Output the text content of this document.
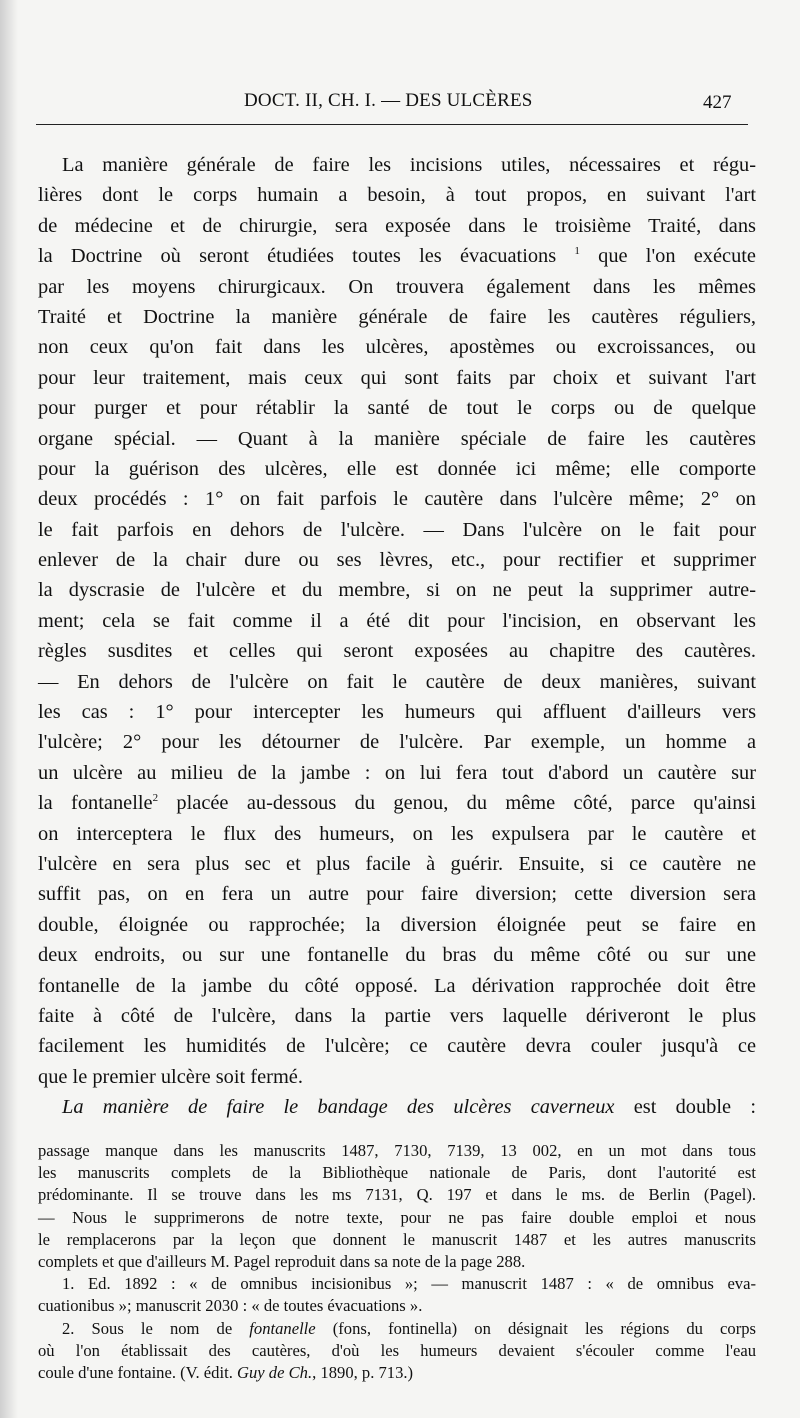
DOCT. II, CH. I. — DES ULCÈRES	427
La manière générale de faire les incisions utiles, nécessaires et régu-
lières dont le corps humain a besoin, à tout propos, en suivant l'art
de médecine et de chirurgie, sera exposée dans le troisième Traité, dans
la Doctrine où seront étudiées toutes les évacuations $^1$ que l'on exécute
par les moyens chirurgicaux. On trouvera également dans les mêmes
Traité et Doctrine la manière générale de faire les cautères réguliers,
non ceux qu'on fait dans les ulcères, apostèmes ou excroissances, ou
pour leur traitement, mais ceux qui sont faits par choix et suivant l'art
pour purger et pour rétablir la santé de tout le corps ou de quelque
organe spécial. — Quant à la manière spéciale de faire les cautères
pour la guérison des ulcères, elle est donnée ici même; elle comporte
deux procédés : 1° on fait parfois le cautère dans l'ulcère même; 2° on
le fait parfois en dehors de l'ulcère. — Dans l'ulcère on le fait pour
enlever de la chair dure ou ses lèvres, etc., pour rectifier et supprimer
la dyscrasie de l'ulcère et du membre, si on ne peut la supprimer autre-
ment; cela se fait comme il a été dit pour l'incision, en observant les
règles susdites et celles qui seront exposées au chapitre des cautères.
— En dehors de l'ulcère on fait le cautère de deux manières, suivant
les cas : 1° pour intercepter les humeurs qui affluent d'ailleurs vers
l'ulcère; 2° pour les détourner de l'ulcère. Par exemple, un homme a
un ulcère au milieu de la jambe : on lui fera tout d'abord un cautère sur
la fontanelle$^2$ placée au-dessous du genou, du même côté, parce qu'ainsi
on interceptera le flux des humeurs, on les expulsera par le cautère et
l'ulcère en sera plus sec et plus facile à guérir. Ensuite, si ce cautère ne
suffit pas, on en fera un autre pour faire diversion; cette diversion sera
double, éloignée ou rapprochée; la diversion éloignée peut se faire en
deux endroits, ou sur une fontanelle du bras du même côté ou sur une
fontanelle de la jambe du côté opposé. La dérivation rapprochée doit être
faite à côté de l'ulcère, dans la partie vers laquelle dériveront le plus
facilement les humidités de l'ulcère; ce cautère devra couler jusqu'à ce
que le premier ulcère soit fermé.
La manière de faire le bandage des ulcères caverneux est double :
passage manque dans les manuscrits 1487, 7130, 7139, 13 002, en un mot dans tous
les manuscrits complets de la Bibliothèque nationale de Paris, dont l'autorité est
prédominante. Il se trouve dans les ms 7131, Q. 197 et dans le ms. de Berlin (Pagel).
— Nous le supprimerons de notre texte, pour ne pas faire double emploi et nous
le remplacerons par la leçon que donnent le manuscrit 1487 et les autres manuscrits
complets et que d'ailleurs M. Pagel reproduit dans sa note de la page 288.
1. Ed. 1892 : « de omnibus incisionibus »; — manuscrit 1487 : « de omnibus eva-
cuationibus »; manuscrit 2030 : « de toutes évacuations ».
2. Sous le nom de fontanelle (fons, fontinella) on désignait les régions du corps
où l'on établissait des cautères, d'où les humeurs devaient s'écouler comme l'eau
coule d'une fontaine. (V. édit. Guy de Ch., 1890, p. 713.)
